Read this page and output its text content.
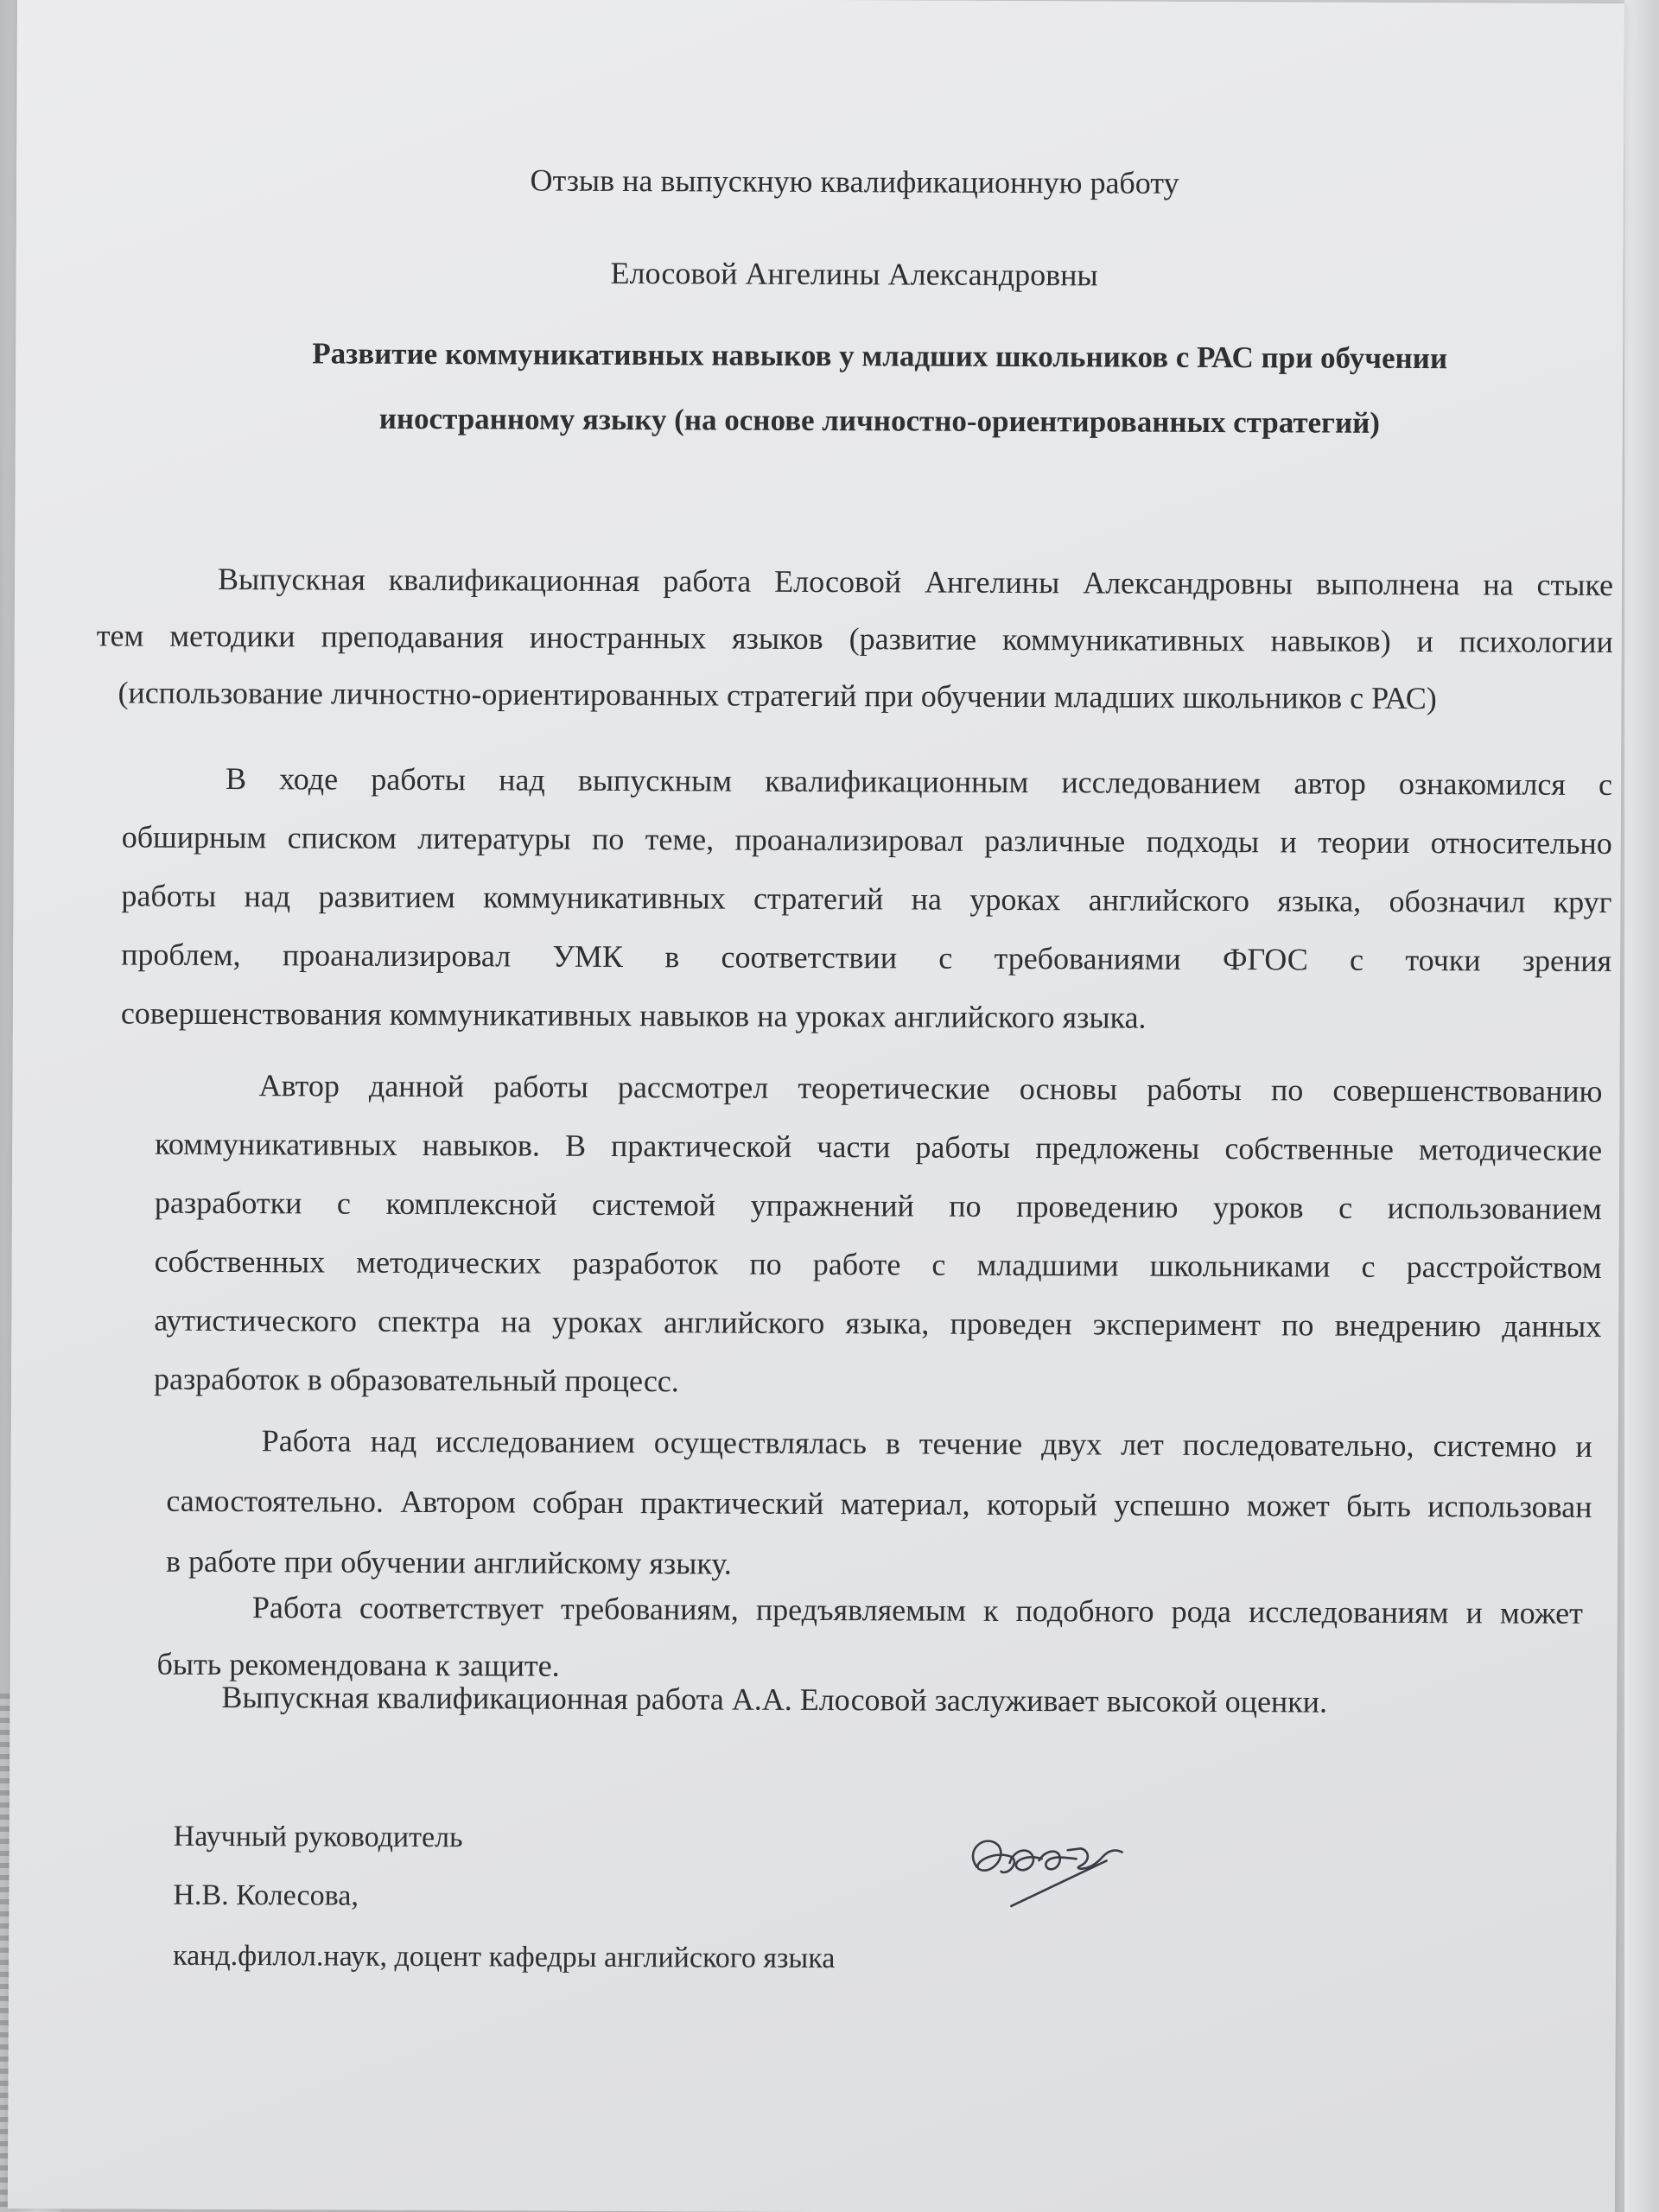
Отзыв на выпускную квалификационную работу
Елосовой Ангелины Александровны
Развитие коммуникативных навыков у младших школьников с РАС при обучении
иностранному языку (на основе личностно-ориентированных стратегий)
Выпускная квалификационная работа Елосовой Ангелины Александровны выполнена на стыке
тем методики преподавания иностранных языков (развитие коммуникативных навыков) и психологии
(использование личностно-ориентированных стратегий при обучении младших школьников с РАС)
В ходе работы над выпускным квалификационным исследованием автор ознакомился с
обширным списком литературы по теме, проанализировал различные подходы и теории относительно
работы над развитием коммуникативных стратегий на уроках английского языка, обозначил круг
проблем, проанализировал УМК в соответствии с требованиями ФГОС с точки зрения
совершенствования коммуникативных навыков на уроках английского языка.
Автор данной работы рассмотрел теоретические основы работы по совершенствованию
коммуникативных навыков. В практической части работы предложены собственные методические
разработки с комплексной системой упражнений по проведению уроков с использованием
собственных методических разработок по работе с младшими школьниками с расстройством
аутистического спектра на уроках английского языка, проведен эксперимент по внедрению данных
разработок в образовательный процесс.
Работа над исследованием осуществлялась в течение двух лет последовательно, системно и
самостоятельно. Автором собран практический материал, который успешно может быть использован
в работе при обучении английскому языку.
Работа соответствует требованиям, предъявляемым к подобного рода исследованиям и может
быть рекомендована к защите.
Выпускная квалификационная работа А.А. Елосовой заслуживает высокой оценки.
Научный руководитель
Н.В. Колесова,
канд.филол.наук, доцент кафедры английского языка
